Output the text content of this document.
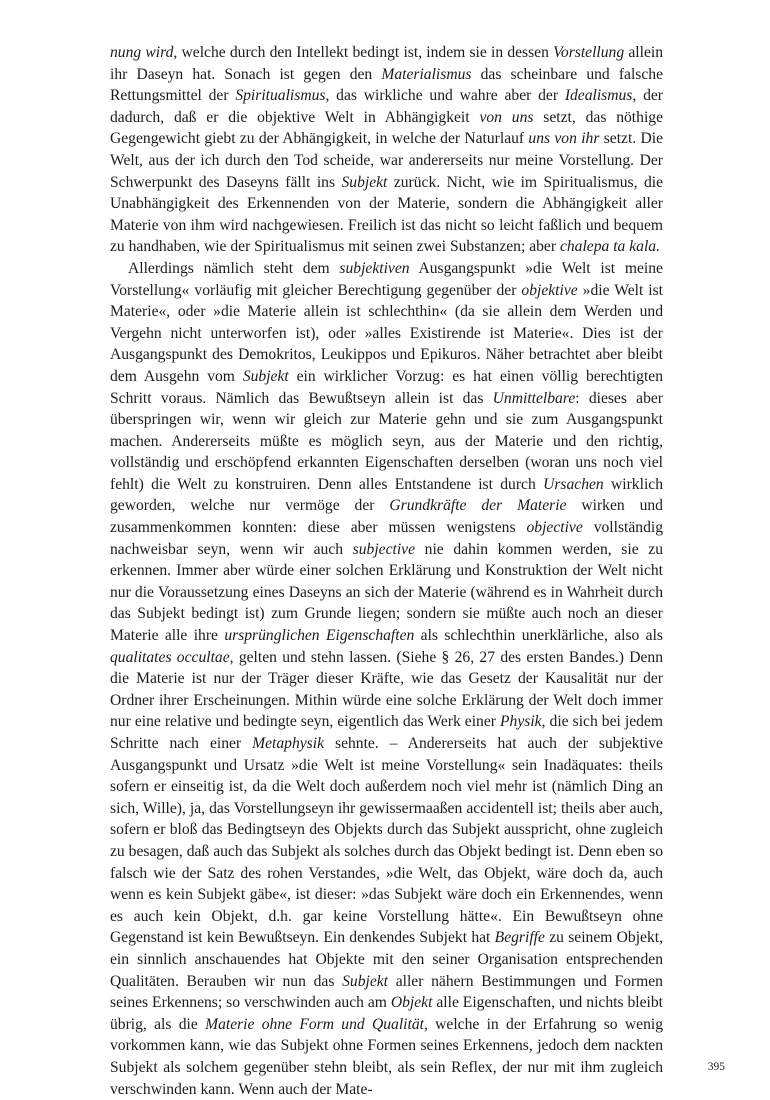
nung wird, welche durch den Intellekt bedingt ist, indem sie in dessen Vorstellung allein ihr Daseyn hat. Sonach ist gegen den Materialismus das scheinbare und falsche Rettungsmittel der Spiritualismus, das wirkliche und wahre aber der Idealismus, der dadurch, daß er die objektive Welt in Abhängigkeit von uns setzt, das nöthige Gegengewicht giebt zu der Abhängigkeit, in welche der Naturlauf uns von ihr setzt. Die Welt, aus der ich durch den Tod scheide, war andererseits nur meine Vorstellung. Der Schwerpunkt des Daseyns fällt ins Subjekt zurück. Nicht, wie im Spiritualismus, die Unabhängigkeit des Erkennenden von der Materie, sondern die Abhängigkeit aller Materie von ihm wird nachgewiesen. Freilich ist das nicht so leicht faßlich und bequem zu handhaben, wie der Spiritualismus mit seinen zwei Substanzen; aber chalepa ta kala.

Allerdings nämlich steht dem subjektiven Ausgangspunkt »die Welt ist meine Vorstellung« vorläufig mit gleicher Berechtigung gegenüber der objektive »die Welt ist Materie«, oder »die Materie allein ist schlechthin« (da sie allein dem Werden und Vergehn nicht unterworfen ist), oder »alles Existirende ist Materie«. Dies ist der Ausgangspunkt des Demokritos, Leukippos und Epikuros. Näher betrachtet aber bleibt dem Ausgehn vom Subjekt ein wirklicher Vorzug: es hat einen völlig berechtigten Schritt voraus. Nämlich das Bewußtseyn allein ist das Unmittelbare: dieses aber überspringen wir, wenn wir gleich zur Materie gehn und sie zum Ausgangspunkt machen. Andererseits müßte es möglich seyn, aus der Materie und den richtig, vollständig und erschöpfend erkannten Eigenschaften derselben (woran uns noch viel fehlt) die Welt zu konstruiren. Denn alles Entstandene ist durch Ursachen wirklich geworden, welche nur vermöge der Grundkräfte der Materie wirken und zusammenkommen konnten: diese aber müssen wenigstens objective vollständig nachweisbar seyn, wenn wir auch subjective nie dahin kommen werden, sie zu erkennen. Immer aber würde einer solchen Erklärung und Konstruktion der Welt nicht nur die Voraussetzung eines Daseyns an sich der Materie (während es in Wahrheit durch das Subjekt bedingt ist) zum Grunde liegen; sondern sie müßte auch noch an dieser Materie alle ihre ursprünglichen Eigenschaften als schlechthin unerklärliche, also als qualitates occultae, gelten und stehn lassen. (Siehe § 26, 27 des ersten Bandes.) Denn die Materie ist nur der Träger dieser Kräfte, wie das Gesetz der Kausalität nur der Ordner ihrer Erscheinungen. Mithin würde eine solche Erklärung der Welt doch immer nur eine relative und bedingte seyn, eigentlich das Werk einer Physik, die sich bei jedem Schritte nach einer Metaphysik sehnte. – Andererseits hat auch der subjektive Ausgangspunkt und Ursatz »die Welt ist meine Vorstellung« sein Inadäquates: theils sofern er einseitig ist, da die Welt doch außerdem noch viel mehr ist (nämlich Ding an sich, Wille), ja, das Vorstellungseyn ihr gewissermaaßen accidentell ist; theils aber auch, sofern er bloß das Bedingtseyn des Objekts durch das Subjekt ausspricht, ohne zugleich zu besagen, daß auch das Subjekt als solches durch das Objekt bedingt ist. Denn eben so falsch wie der Satz des rohen Verstandes, »die Welt, das Objekt, wäre doch da, auch wenn es kein Subjekt gäbe«, ist dieser: »das Subjekt wäre doch ein Erkennendes, wenn es auch kein Objekt, d.h. gar keine Vorstellung hätte«. Ein Bewußtseyn ohne Gegenstand ist kein Bewußtseyn. Ein denkendes Subjekt hat Begriffe zu seinem Objekt, ein sinnlich anschauendes hat Objekte mit den seiner Organisation entsprechenden Qualitäten. Berauben wir nun das Subjekt aller nähern Bestimmungen und Formen seines Erkennens; so verschwinden auch am Objekt alle Eigenschaften, und nichts bleibt übrig, als die Materie ohne Form und Qualität, welche in der Erfahrung so wenig vorkommen kann, wie das Subjekt ohne Formen seines Erkennens, jedoch dem nackten Subjekt als solchem gegenüber stehn bleibt, als sein Reflex, der nur mit ihm zugleich verschwinden kann. Wenn auch der Mate-

395
